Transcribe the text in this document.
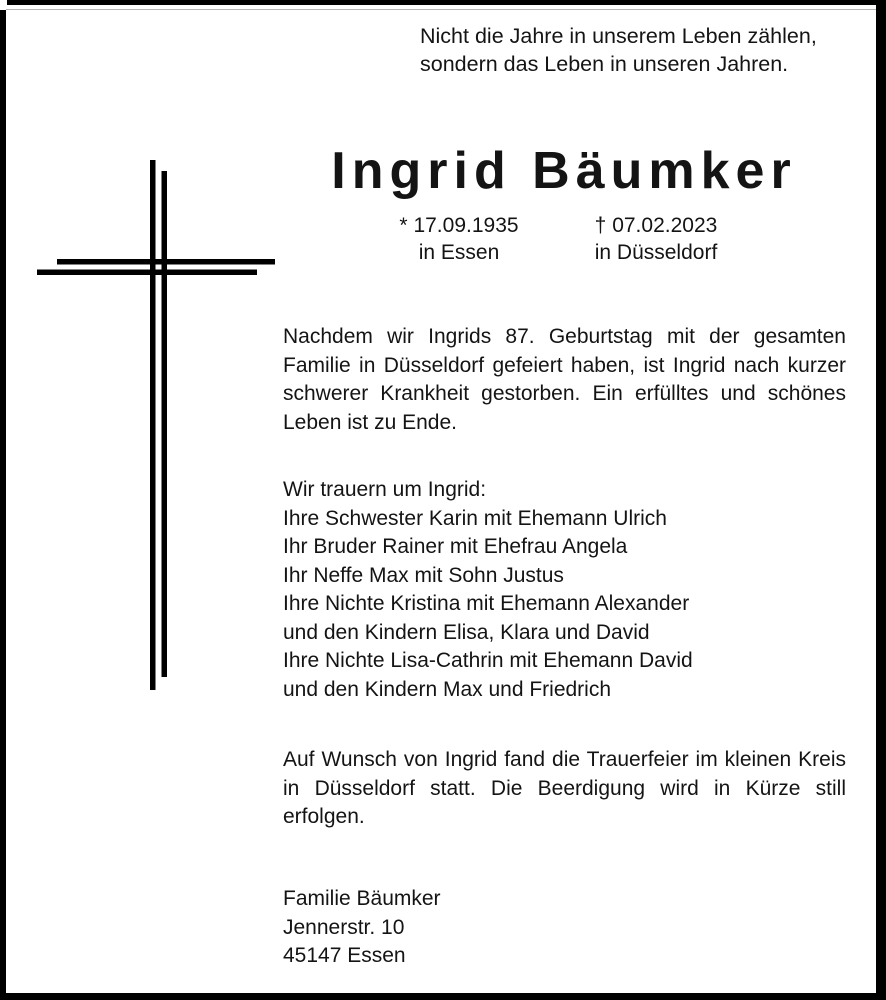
Nicht die Jahre in unserem Leben zählen,
sondern das Leben in unseren Jahren.
Ingrid Bäumker
* 17.09.1935
in Essen
† 07.02.2023
in Düsseldorf
Nachdem wir Ingrids 87. Geburtstag mit der gesamten Familie in Düsseldorf gefeiert haben, ist Ingrid nach kurzer schwerer Krankheit gestorben. Ein erfülltes und schönes Leben ist zu Ende.
Wir trauern um Ingrid:
Ihre Schwester Karin mit Ehemann Ulrich
Ihr Bruder Rainer mit Ehefrau Angela
Ihr Neffe Max mit Sohn Justus
Ihre Nichte Kristina mit Ehemann Alexander
und den Kindern Elisa, Klara und David
Ihre Nichte Lisa-Cathrin mit Ehemann David
und den Kindern Max und Friedrich
Auf Wunsch von Ingrid fand die Trauerfeier im kleinen Kreis in Düsseldorf statt. Die Beerdigung wird in Kürze still erfolgen.
Familie Bäumker
Jennerstr. 10
45147 Essen
